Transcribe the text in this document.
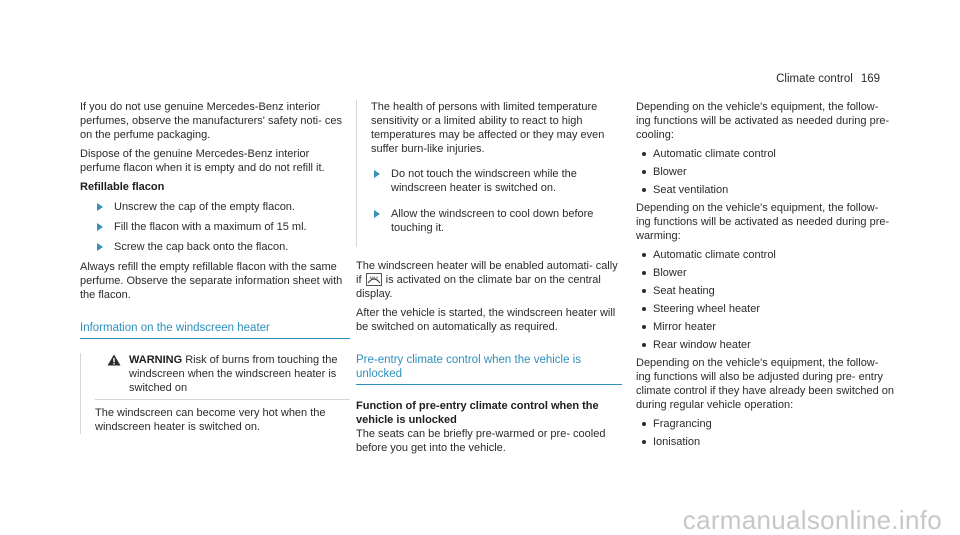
Climate control 169

If you do not use genuine Mercedes-Benz interior perfumes, observe the manufacturers' safety noti- ces on the perfume packaging.

Dispose of the genuine Mercedes-Benz interior perfume flacon when it is empty and do not refill it.

Refillable flacon
Unscrew the cap of the empty flacon.
Fill the flacon with a maximum of 15 ml.
Screw the cap back onto the flacon.

Always refill the empty refillable flacon with the same perfume. Observe the separate information sheet with the flacon.

Information on the windscreen heater
WARNING Risk of burns from touching the windscreen when the windscreen heater is switched on
The windscreen can become very hot when the windscreen heater is switched on.

The health of persons with limited temperature sensitivity or a limited ability to react to high temperatures may be affected or they may even suffer burn-like injuries.

Do not touch the windscreen while the windscreen heater is switched on.
Allow the windscreen to cool down before touching it.

The windscreen heater will be enabled automati- cally if MAX is activated on the climate bar on the central display.

After the vehicle is started, the windscreen heater will be switched on automatically as required.

Pre-entry climate control when the vehicle is unlocked
Function of pre-entry climate control when the vehicle is unlocked

The seats can be briefly pre-warmed or pre- cooled before you get into the vehicle.

Depending on the vehicle's equipment, the follow- ing functions will be activated as needed during pre-cooling:

Automatic climate control
Blower
Seat ventilation

Depending on the vehicle's equipment, the follow- ing functions will be activated as needed during pre-warming:

Automatic climate control
Blower
Seat heating
Steering wheel heater
Mirror heater
Rear window heater

Depending on the vehicle's equipment, the follow- ing functions will also be adjusted during pre- entry climate control if they have already been switched on during regular vehicle operation:

Fragrancing
Ionisation
carmanualsonline.info
